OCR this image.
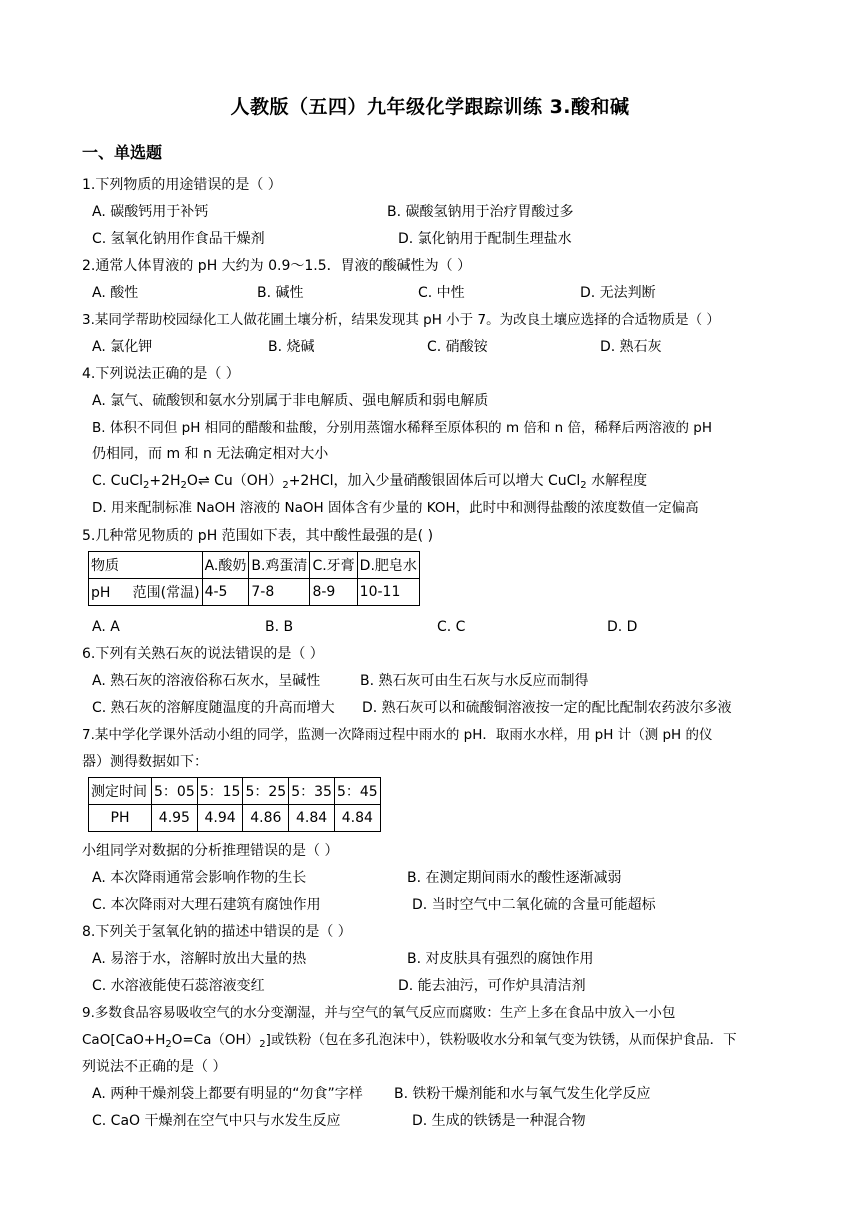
人教版（五四）九年级化学跟踪训练 3.酸和碱
一、单选题
1.下列物质的用途错误的是（ ）
A. 碳酸钙用于补钙	B. 碳酸氢钠用于治疗胃酸过多
C. 氢氧化钠用作食品干燥剂	D. 氯化钠用于配制生理盐水
2.通常人体胃液的 pH 大约为 0.9～1.5．胃液的酸碱性为（ ）
A. 酸性	B. 碱性	C. 中性	D. 无法判断
3.某同学帮助校园绿化工人做花圃土壤分析，结果发现其 pH 小于 7。为改良土壤应选择的合适物质是（ ）
A. 氯化钾	B. 烧碱	C. 硝酸铵	D. 熟石灰
4.下列说法正确的是（ ）
A. 氯气、硫酸钡和氨水分别属于非电解质、强电解质和弱电解质
B. 体积不同但 pH 相同的醋酸和盐酸，分别用蒸馏水稀释至原体积的 m 倍和 n 倍，稀释后两溶液的 pH
仍相同，而 m 和 n 无法确定相对大小
C. $CuCl_2+2H_2O\rightleftharpoons$ $Cu(OH)_2+2HCl$，加入少量硝酸银固体后可以增大 CuCl$_2$ 水解程度
D. 用来配制标准 NaOH 溶液的 NaOH 固体含有少量的 KOH，此时中和测得盐酸的浓度数值一定偏高
5.几种常见物质的 pH 范围如下表，其中酸性最强的是( )
物质	A.酸奶	B.鸡蛋清	C.牙膏	D.肥皂水
pH     范围(常温)	4-5	7-8	8-9	10-11
A. A	B. B	C. C	D. D
6.下列有关熟石灰的说法错误的是（ ）
A. 熟石灰的溶液俗称石灰水，呈碱性	B. 熟石灰可由生石灰与水反应而制得
C. 熟石灰的溶解度随温度的升高而增大 D. 熟石灰可以和硫酸铜溶液按一定的配比配制农药波尔多液
7.某中学化学课外活动小组的同学，监测一次降雨过程中雨水的 pH．取雨水水样，用 pH 计（测 pH 的仪
器）测得数据如下：
测定时间	5：05	5：15	5：25	5：35	5：45
PH	4.95	4.94	4.86	4.84	4.84
小组同学对数据的分析推理错误的是（ ）
A. 本次降雨通常会影响作物的生长	B. 在测定期间雨水的酸性逐渐减弱
C. 本次降雨对大理石建筑有腐蚀作用	D. 当时空气中二氧化硫的含量可能超标
8.下列关于氢氧化钠的描述中错误的是（ ）
A. 易溶于水，溶解时放出大量的热	B. 对皮肤具有强烈的腐蚀作用
C. 水溶液能使石蕊溶液变红	D. 能去油污，可作炉具清洁剂
9.多数食品容易吸收空气的水分变潮湿，并与空气的氧气反应而腐败：生产上多在食品中放入一小包
$CaO[CaO+H_2O=Ca(OH)_2]$或铁粉（包在多孔泡沫中），铁粉吸收水分和氧气变为铁锈，从而保护食品．下
列说法不正确的是（ ）
A. 两种干燥剂袋上都要有明显的“勿食”字样 B. 铁粉干燥剂能和水与氧气发生化学反应
C. CaO 干燥剂在空气中只与水发生反应	D. 生成的铁锈是一种混合物
